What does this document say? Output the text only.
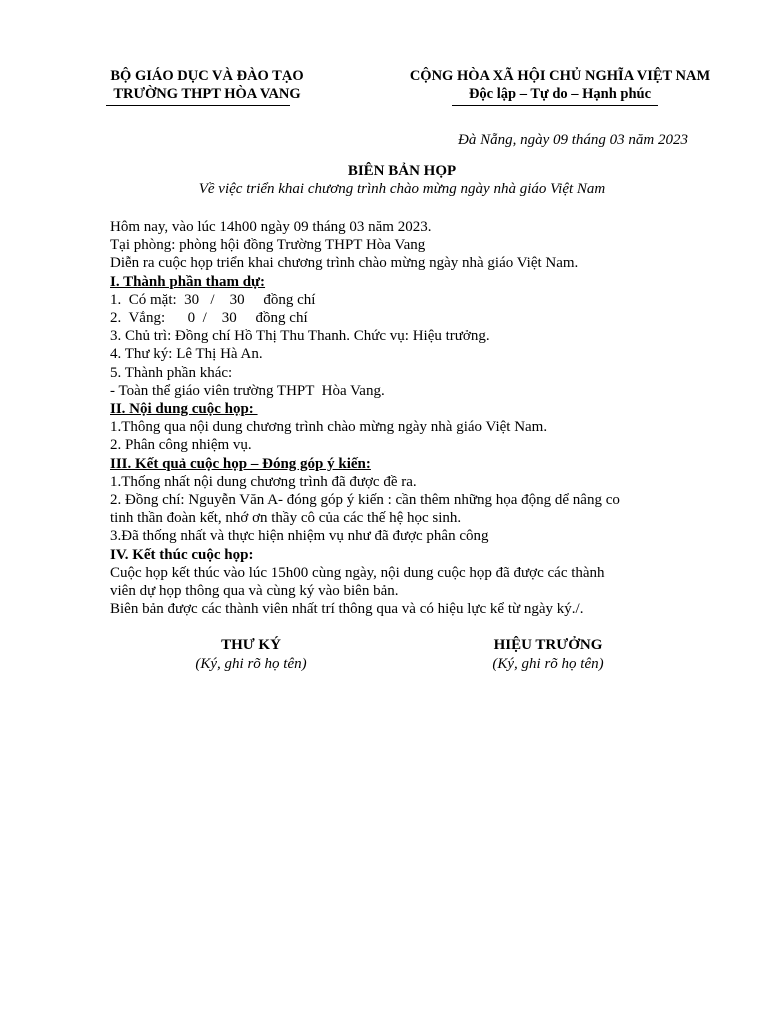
BỘ GIÁO DỤC VÀ ĐÀO TẠO
TRƯỜNG THPT HÒA VANG
CỘNG HÒA XÃ HỘI CHỦ NGHĨA VIỆT NAM
Độc lập – Tự do – Hạnh phúc
Đà Nẵng, ngày 09 tháng 03 năm 2023
BIÊN BẢN HỌP
Về việc triển khai chương trình chào mừng ngày nhà giáo Việt Nam

Hôm nay, vào lúc 14h00 ngày 09 tháng 03 năm 2023.

Tại phòng: phòng hội đồng Trường THPT Hòa Vang

Diễn ra cuộc họp triển khai chương trình chào mừng ngày nhà giáo Việt Nam.

I. Thành phần tham dự:

1.  Có mặt:  30   /    30     đồng chí

2.  Vắng:      0  /    30     đồng chí

3. Chủ trì: Đồng chí Hồ Thị Thu Thanh. Chức vụ: Hiệu trưởng.

4. Thư ký: Lê Thị Hà An.

5. Thành phần khác:

- Toàn thể giáo viên trường THPT  Hòa Vang.

II. Nội dung cuộc họp:

1.Thông qua nội dung chương trình chào mừng ngày nhà giáo Việt Nam.

2. Phân công nhiệm vụ.

III. Kết quả cuộc họp – Đóng góp ý kiến:

1.Thống nhất nội dung chương trình đã được đề ra.

2. Đồng chí: Nguyễn Văn A- đóng góp ý kiến : cần thêm những họa động dể nâng co

tinh thần đoàn kết, nhớ ơn thầy cô của các thế hệ học sinh.

3.Đã thống nhất và thực hiện nhiệm vụ như đã được phân công

IV. Kết thúc cuộc họp:

Cuộc họp kết thúc vào lúc 15h00 cùng ngày, nội dung cuộc họp đã được các thành

viên dự họp thông qua và cùng ký vào biên bản.

Biên bản được các thành viên nhất trí thông qua và có hiệu lực kể từ ngày ký./.

THƯ KÝ
(Ký, ghi rõ họ tên)
HIỆU TRƯỞNG
(Ký, ghi rõ họ tên)
